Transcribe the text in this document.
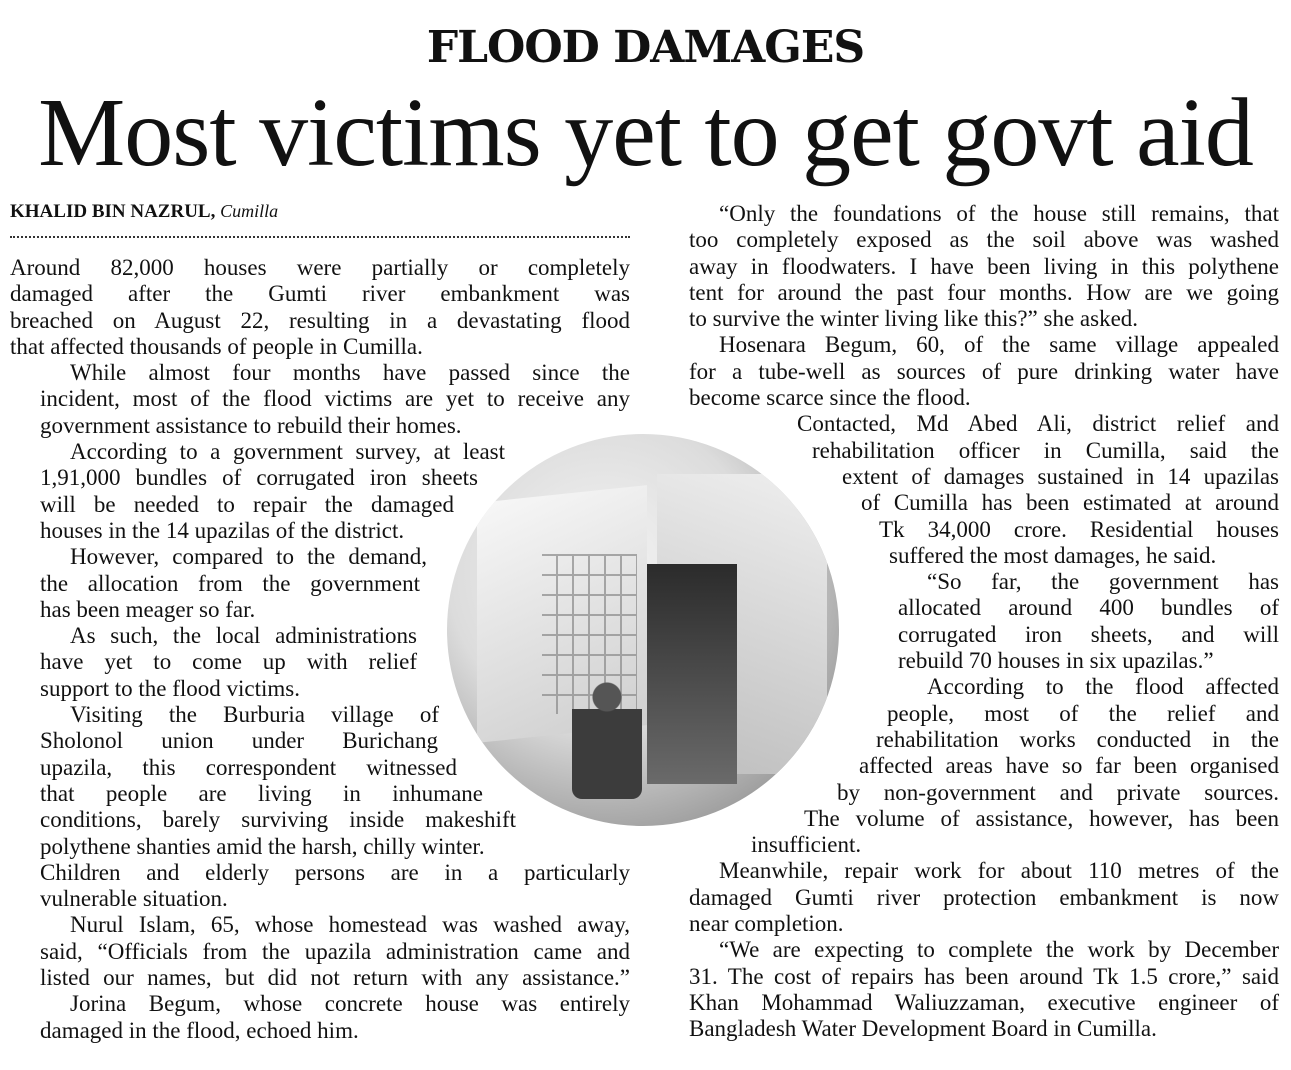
FLOOD DAMAGES
Most victims yet to get govt aid
KHALID BIN NAZRUL, Cumilla

Around 82,000 houses were partially or completely
damaged after the Gumti river embankment was
breached on August 22, resulting in a devastating flood
that affected thousands of people in Cumilla.

While almost four months have passed since the
incident, most of the flood victims are yet to receive any
government assistance to rebuild their homes.

According to a government survey, at least
1,91,000 bundles of corrugated iron sheets
will be needed to repair the damaged
houses in the 14 upazilas of the district.

However, compared to the demand,
the allocation from the government
has been meager so far.

As such, the local administrations
have yet to come up with relief
support to the flood victims.

Visiting the Burburia village of
Sholonol union under Burichang
upazila, this correspondent witnessed
that people are living in inhumane
conditions, barely surviving inside makeshift
polythene shanties amid the harsh, chilly winter.
Children and elderly persons are in a particularly
vulnerable situation.

Nurul Islam, 65, whose homestead was washed away,
said, “Officials from the upazila administration came and
listed our names, but did not return with any assistance.”

Jorina Begum, whose concrete house was entirely
damaged in the flood, echoed him.

“Only the foundations of the house still remains, that
too completely exposed as the soil above was washed
away in floodwaters. I have been living in this polythene
tent for around the past four months. How are we going
to survive the winter living like this?” she asked.

Hosenara Begum, 60, of the same village appealed
for a tube-well as sources of pure drinking water have
become scarce since the flood.

Contacted, Md Abed Ali, district relief and
rehabilitation officer in Cumilla, said the
extent of damages sustained in 14 upazilas
of Cumilla has been estimated at around
Tk 34,000 crore. Residential houses
suffered the most damages, he said.

“So far, the government has
allocated around 400 bundles of
corrugated iron sheets, and will
rebuild 70 houses in six upazilas.”

According to the flood affected
people, most of the relief and
rehabilitation works conducted in the
affected areas have so far been organised
by non-government and private sources.
The volume of assistance, however, has been
insufficient.

Meanwhile, repair work for about 110 metres of the
damaged Gumti river protection embankment is now
near completion.

“We are expecting to complete the work by December
31. The cost of repairs has been around Tk 1.5 crore,” said
Khan Mohammad Waliuzzaman, executive engineer of
Bangladesh Water Development Board in Cumilla.
